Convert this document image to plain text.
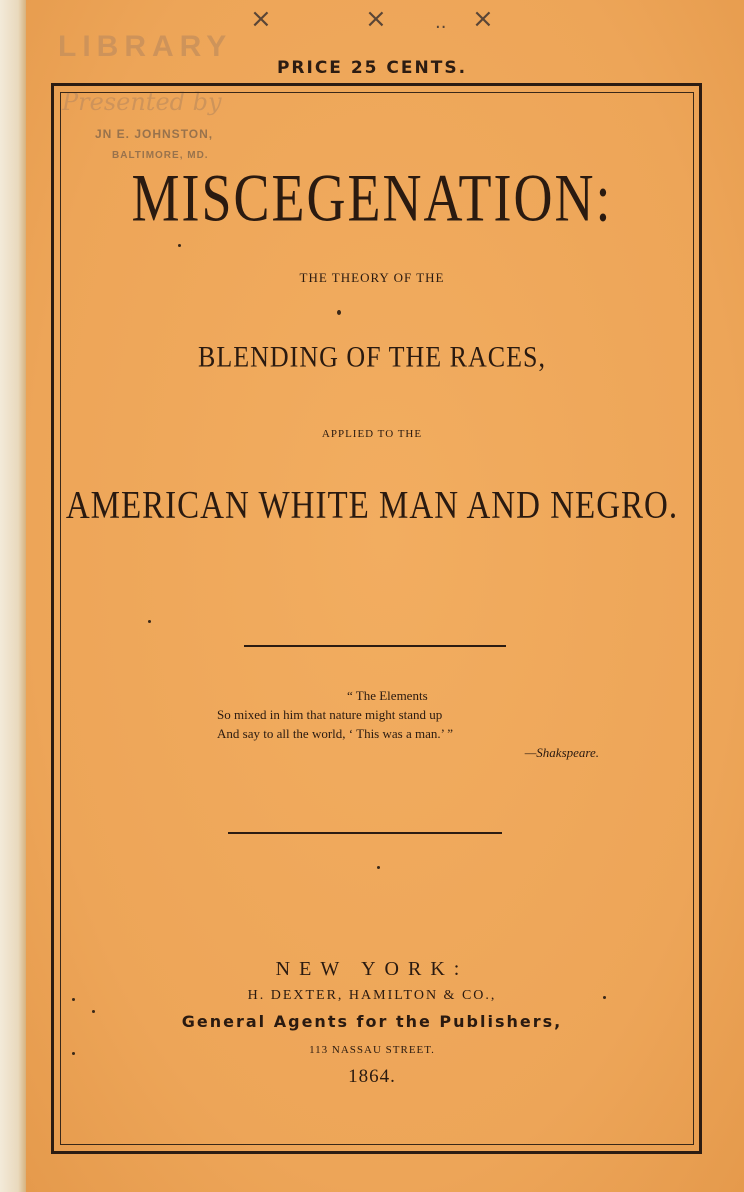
LIBRARY
Presented by
JN E. JOHNSTON,
BALTIMORE, MD.
×	×	.. ×
PRICE 25 CENTS.
MISCEGENATION:
THE THEORY OF THE
BLENDING OF THE RACES,
APPLIED TO THE
AMERICAN WHITE MAN AND NEGRO.
“ The Elements
So mixed in him that nature might stand up
And say to all the world, ‘ This was a man.’ ”
—Shakspeare.
NEW YORK:
H. DEXTER, HAMILTON & CO.,
General Agents for the Publishers,
113 NASSAU STREET.
1864.
